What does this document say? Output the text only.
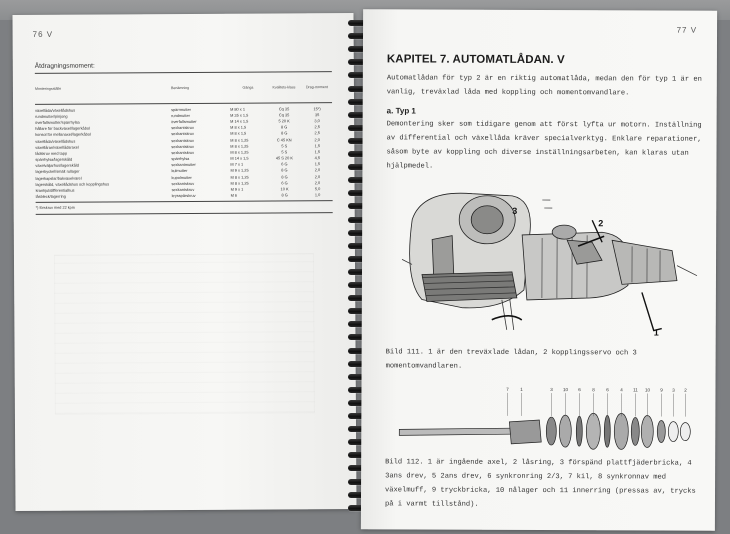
76 V
Åtdragningsmoment:
Monteringsställe	Benämning	Gänga	Kvalitets-klass	Drag-moment
växellåda/växellådshus	spärrmutter	M 80 x 1	Cq 35	15*)
rundmutter/pinjong	rundmutter	M 35 x 1,5	Cq 35	35
överfallsmutter/spärrhylsa	överfallsmutter	M 14 x 1,5	5 20 K	3,0
hållare för backväxel/lagerkåbol	sexkantskruv	M 8 x 1,5	8 G	2,5
konsol för mellanaxel/lagerkåbol	sexkantskruv	M 8 x 1,5	8 G	2,5
växellåda/växellådshus	sexkantskruv	M 8 x 1,25	C 45 KN	2,0
växellåran/växellådsraxel	sexkantskruv	M 8 x 1,25	5 S	1,5
lådskruv med tapp	sexkantskruv	M 8 x 1,25	5 S	1,5
spärrhylsa/lagerskåld	spärrhylsa	M 14 x 1,5	45 S 20 K	4,5
växelväljarhus/lagerskåld	sexkantmutter	M 7 x 1	6 G	1,5
lagerbyckel/smält rullager	kulmutter	M 9 x 1,25	8 G	2,0
lagerkapslar/bakväxelvärel	kupolmutter	M 8 x 1,25	8 G	2,0
lagerskåld, växellådshus och kopplingshus	sexkantskruv	M 8 x 1,25	6 G	2,0
kranhjul/differentialhus	sexkantskruv	M 9 x 1	10 K	5,0
låsbleck/lagerring	krysspårskruv	M 6	8 G	1,0
*) förskruv med 22 kpm
77 V
KAPITEL 7. AUTOMATLÅDAN. V
Automatlådan för typ 2 är en riktig automatlåda, medan den för typ 1 är en vanlig, treväxlad låda med koppling och momentomvandlare.
a. Typ 1
Demontering sker som tidigare genom att först lyfta ur motorn. Inställning av differential och växellåda kräver specialverktyg. Enklare reparationer, såsom byte av koppling och diverse inställningsarbeten, kan klaras utan hjälpmedel.
3
2
1
Bild 111. 1 är den treväxlade lådan, 2 kopplingsservo och 3 momentomvandlaren.
7	1	3 10 6	8	6	4 11 10 9 3 2
Bild 112. 1 är ingående axel, 2 låsring, 3 förspänd plattfjäderbricka, 4 3ans drev, 5 2ans drev, 6 synkronring 2/3, 7 kil, 8 synkronnav med växelmuff, 9 tryckbricka, 10 nålager och 11 innerring (pressas av, trycks på i varmt tillstånd).
